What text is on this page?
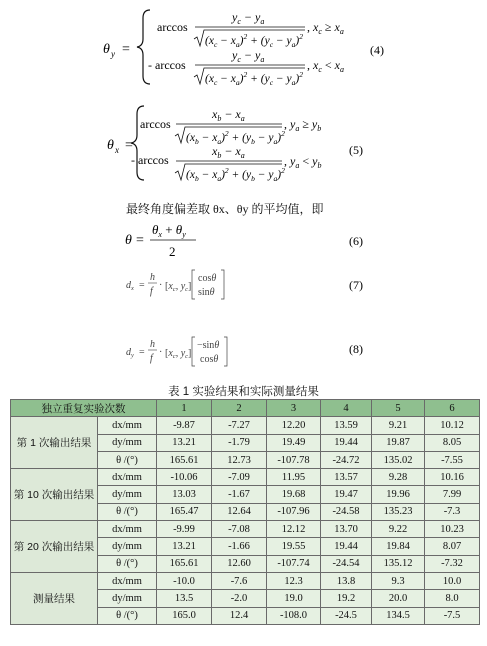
θ y =
arccos
$y_c - y_a$
$(x_c - x_a)^2 + (y_c - y_a)^2$
, $x_c \ge x_a$
- arccos
$y_c - y_a$
$(x_c - x_a)^2 + (y_c - y_a)^2$
, $x_c < x_a$
(4)
θ x =
arccos
$x_b - x_a$
$(x_b - x_a)^2 + (y_b - y_a)^2$
, $y_a \ge y_b$
- arccos
$x_b - x_a$
$(x_b - x_a)^2 + (y_b - y_a)^2$
, $y_a < y_b$
(5)
最终角度偏差取 θx、θy 的平均值，即
θ =
$\theta_x + \theta_y$
2
(6)
$d_x$ =
h
f
· [$x_c$, $y_c$]
cosθ
sinθ
(7)
$d_y$ =
h
f
· [$x_c$, $y_c$]
−sinθ
cosθ
(8)
表 1 实验结果和实际测量结果
独立重复实验次数		1	2	3	4	5	6
第 1 次输出结果	dx/mm	-9.87	-7.27	12.20	13.59	9.21	10.12
	dy/mm	13.21	-1.79	19.49	19.44	19.87	8.05
	θ /(°)	165.61	12.73	-107.78	-24.72	135.02	-7.55
第 10 次输出结果	dx/mm	-10.06	-7.09	11.95	13.57	9.28	10.16
	dy/mm	13.03	-1.67	19.68	19.47	19.96	7.99
	θ /(°)	165.47	12.64	-107.96	-24.58	135.23	-7.3
第 20 次输出结果	dx/mm	-9.99	-7.08	12.12	13.70	9.22	10.23
	dy/mm	13.21	-1.66	19.55	19.44	19.84	8.07
	θ /(°)	165.61	12.60	-107.74	-24.54	135.12	-7.32
测量结果	dx/mm	-10.0	-7.6	12.3	13.8	9.3	10.0
	dy/mm	13.5	-2.0	19.0	19.2	20.0	8.0
	θ /(°)	165.0	12.4	-108.0	-24.5	134.5	-7.5
